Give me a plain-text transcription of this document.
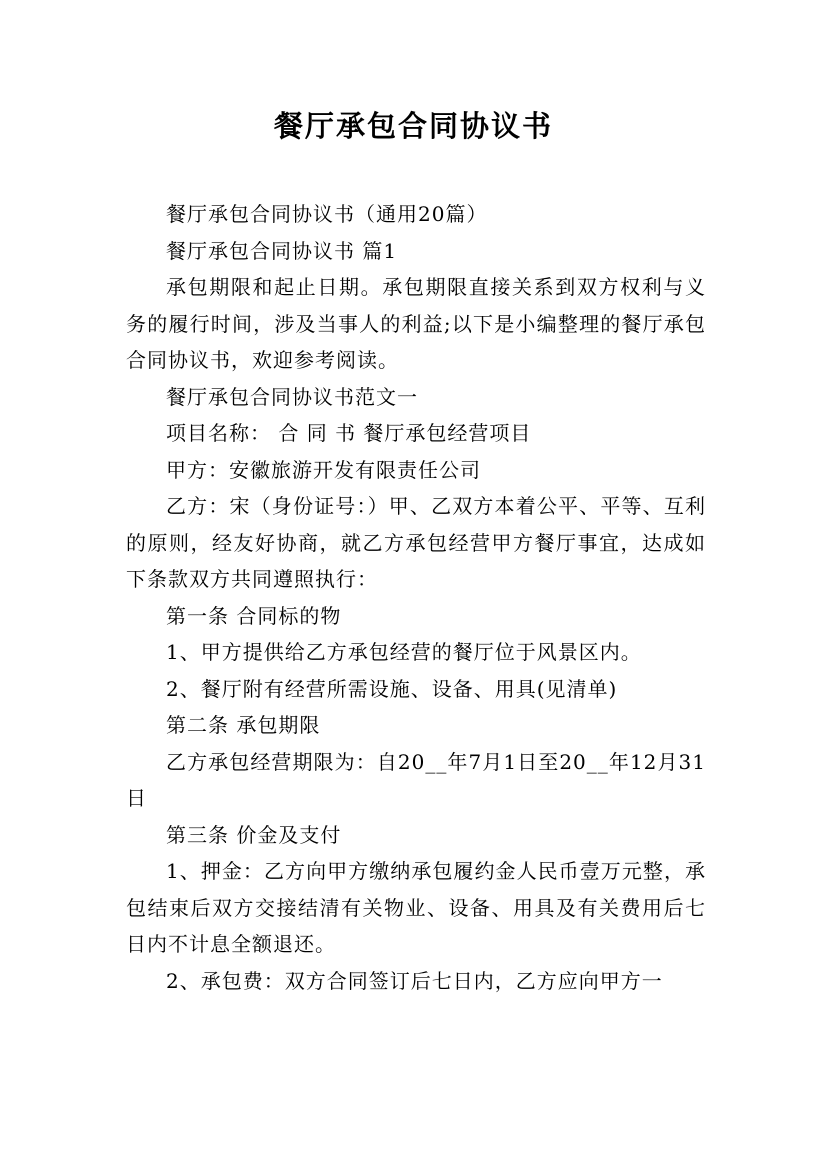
餐厅承包合同协议书

餐厅承包合同协议书（通用20篇）

餐厅承包合同协议书 篇1

承包期限和起止日期。承包期限直接关系到双方权利与义务的履行时间，涉及当事人的利益;以下是小编整理的餐厅承包合同协议书，欢迎参考阅读。

餐厅承包合同协议书范文一

项目名称： 合 同 书 餐厅承包经营项目

甲方：安徽旅游开发有限责任公司

乙方：宋（身份证号：）甲、乙双方本着公平、平等、互利的原则，经友好协商，就乙方承包经营甲方餐厅事宜，达成如下条款双方共同遵照执行：

第一条 合同标的物

1、甲方提供给乙方承包经营的餐厅位于风景区内。

2、餐厅附有经营所需设施、设备、用具(见清单)

第二条 承包期限

乙方承包经营期限为：自20__年7月1日至20__年12月31日

第三条 价金及支付

1、押金：乙方向甲方缴纳承包履约金人民币壹万元整，承包结束后双方交接结清有关物业、设备、用具及有关费用后七日内不计息全额退还。

2、承包费：双方合同签订后七日内，乙方应向甲方一
